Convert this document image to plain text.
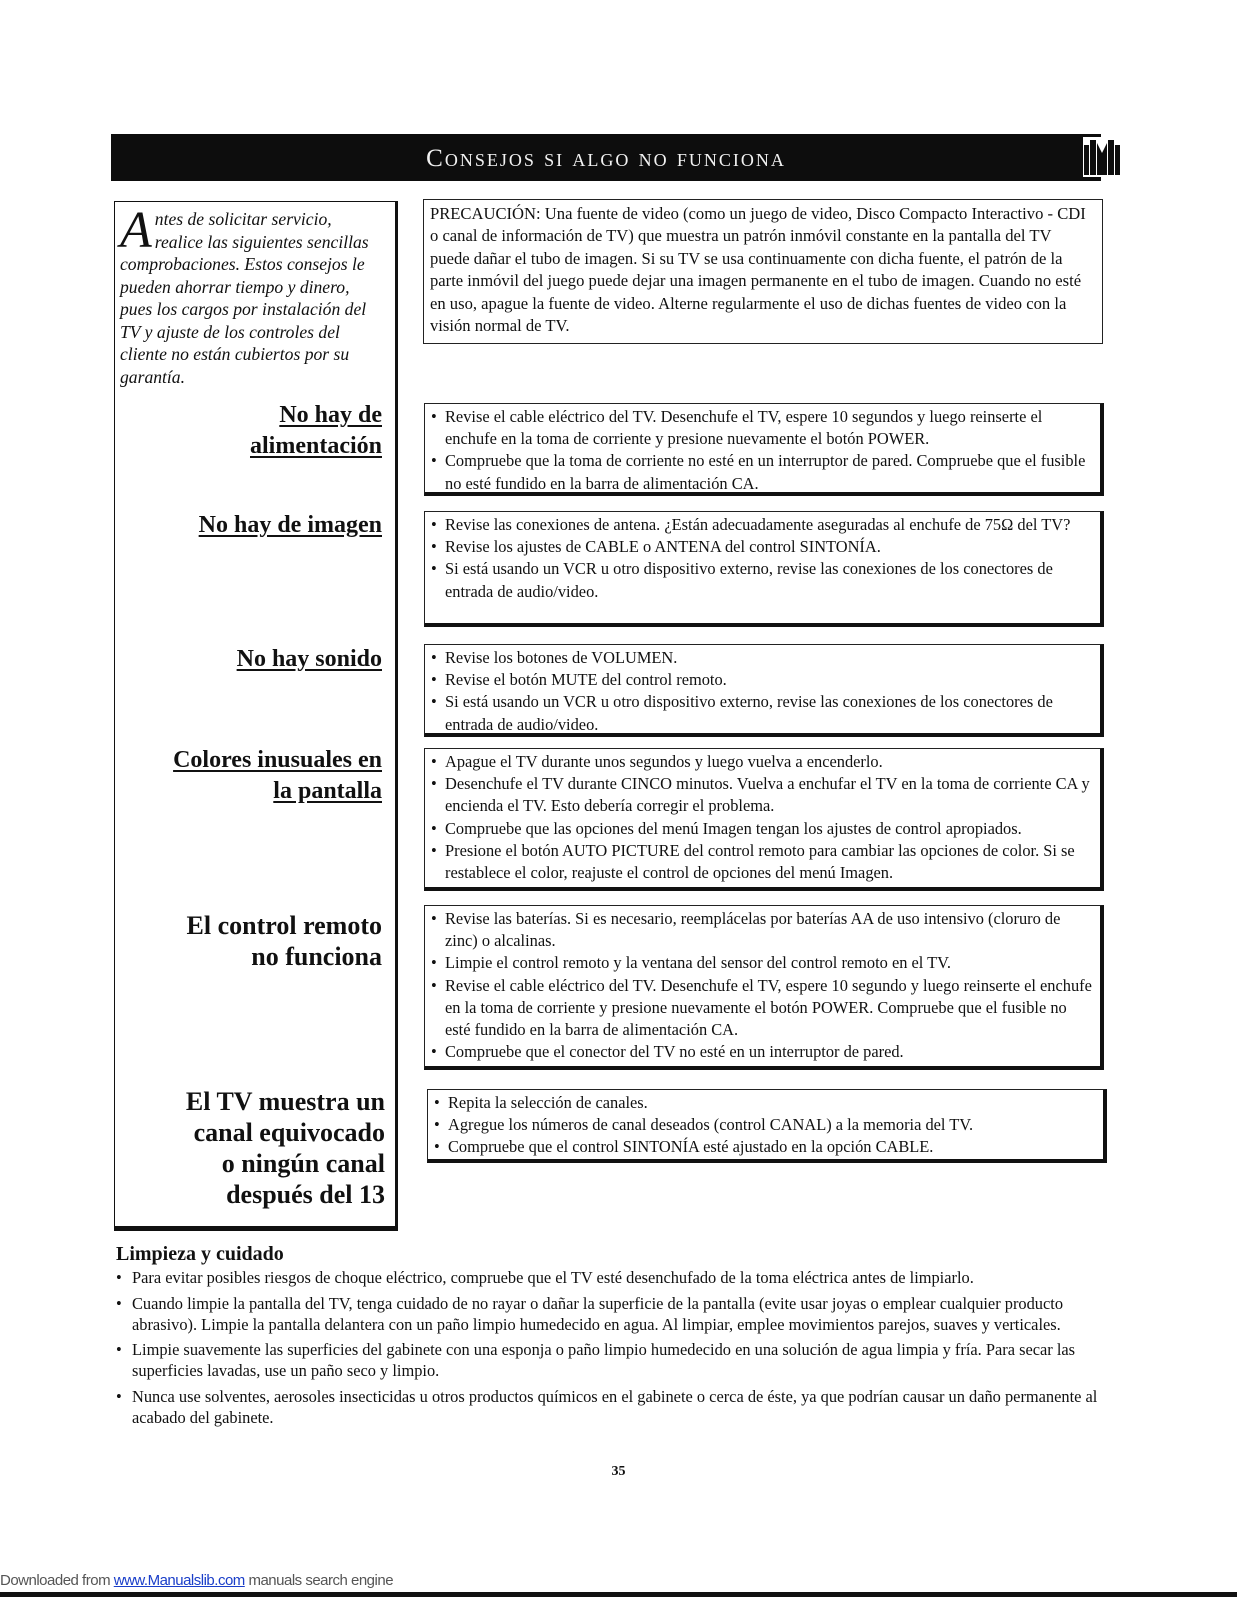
Consejos si algo no funciona
Antes de solicitar servicio, realice las siguientes sencillas comprobaciones. Estos consejos le pueden ahorrar tiempo y dinero, pues los cargos por instalación del TV y ajuste de los controles del cliente no están cubiertos por su garantía.
PRECAUCIÓN: Una fuente de video (como un juego de video, Disco Compacto Interactivo - CDI o canal de información de TV) que muestra un patrón inmóvil constante en la pantalla del TV puede dañar el tubo de imagen. Si su TV se usa continuamente con dicha fuente, el patrón de la parte inmóvil del juego puede dejar una imagen permanente en el tubo de imagen. Cuando no esté en uso, apague la fuente de video. Alterne regularmente el uso de dichas fuentes de video con la visión normal de TV.
No hay de
alimentación
• Revise el cable eléctrico del TV. Desenchufe el TV, espere 10 segundos y luego reinserte el enchufe en la toma de corriente y presione nuevamente el botón POWER.
• Compruebe que la toma de corriente no esté en un interruptor de pared. Compruebe que el fusible no esté fundido en la barra de alimentación CA.
No hay de imagen	• Revise las conexiones de antena. ¿Están adecuadamente aseguradas al enchufe de 75Ω del TV?
• Revise los ajustes de CABLE o ANTENA del control SINTONÍA.
• Si está usando un VCR u otro dispositivo externo, revise las conexiones de los conectores de entrada de audio/video.
No hay sonido	• Revise los botones de VOLUMEN.
• Revise el botón MUTE del control remoto.
• Si está usando un VCR u otro dispositivo externo, revise las conexiones de los conectores de entrada de audio/video.
Colores inusuales en
la pantalla
• Apague el TV durante unos segundos y luego vuelva a encenderlo.
• Desenchufe el TV durante CINCO minutos. Vuelva a enchufar el TV en la toma de corriente CA y encienda el TV. Esto debería corregir el problema.
• Compruebe que las opciones del menú Imagen tengan los ajustes de control apropiados.
• Presione el botón AUTO PICTURE del control remoto para cambiar las opciones de color. Si se restablece el color, reajuste el control de opciones del menú Imagen.
El control remoto
no funciona
• Revise las baterías. Si es necesario, reemplácelas por baterías AA de uso intensivo (cloruro de zinc) o alcalinas.
• Limpie el control remoto y la ventana del sensor del control remoto en el TV.
• Revise el cable eléctrico del TV. Desenchufe el TV, espere 10 segundo y luego reinserte el enchufe en la toma de corriente y presione nuevamente el botón POWER. Compruebe que el fusible no esté fundido en la barra de alimentación CA.
• Compruebe que el conector del TV no esté en un interruptor de pared.
El TV muestra un
canal equivocado
o ningún canal
después del 13
• Repita la selección de canales.
• Agregue los números de canal deseados (control CANAL) a la memoria del TV.
• Compruebe que el control SINTONÍA esté ajustado en la opción CABLE.
Limpieza y cuidado
• Para evitar posibles riesgos de choque eléctrico, compruebe que el TV esté desenchufado de la toma eléctrica antes de limpiarlo.
• Cuando limpie la pantalla del TV, tenga cuidado de no rayar o dañar la superficie de la pantalla (evite usar joyas o emplear cualquier producto abrasivo). Limpie la pantalla delantera con un paño limpio humedecido en agua. Al limpiar, emplee movimientos parejos, suaves y verticales.
• Limpie suavemente las superficies del gabinete con una esponja o paño limpio humedecido en una solución de agua limpia y fría. Para secar las superficies lavadas, use un paño seco y limpio.
• Nunca use solventes, aerosoles insecticidas u otros productos químicos en el gabinete o cerca de éste, ya que podrían causar un daño permanente al acabado del gabinete.
35
Downloaded from www.Manualslib.com manuals search engine
